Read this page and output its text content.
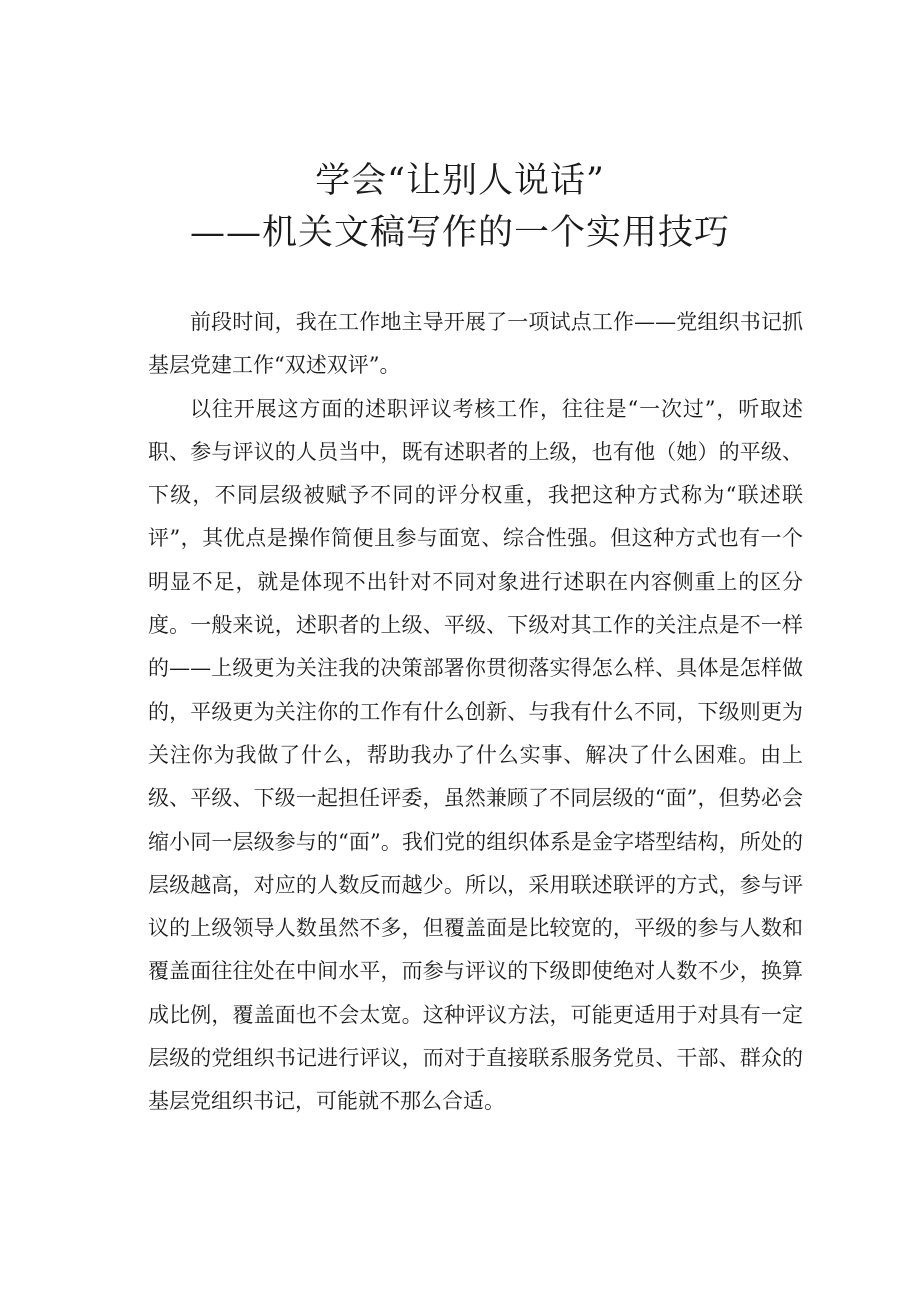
学会“让别人说话”
——机关文稿写作的一个实用技巧

前段时间，我在工作地主导开展了一项试点工作——党组织书记抓基层党建工作“双述双评”。

以往开展这方面的述职评议考核工作，往往是“一次过”，听取述职、参与评议的人员当中，既有述职者的上级，也有他（她）的平级、下级，不同层级被赋予不同的评分权重，我把这种方式称为“联述联评”，其优点是操作简便且参与面宽、综合性强。但这种方式也有一个明显不足，就是体现不出针对不同对象进行述职在内容侧重上的区分度。一般来说，述职者的上级、平级、下级对其工作的关注点是不一样的——上级更为关注我的决策部署你贯彻落实得怎么样、具体是怎样做的，平级更为关注你的工作有什么创新、与我有什么不同，下级则更为关注你为我做了什么，帮助我办了什么实事、解决了什么困难。由上级、平级、下级一起担任评委，虽然兼顾了不同层级的“面”，但势必会缩小同一层级参与的“面”。我们党的组织体系是金字塔型结构，所处的层级越高，对应的人数反而越少。所以，采用联述联评的方式，参与评议的上级领导人数虽然不多，但覆盖面是比较宽的，平级的参与人数和覆盖面往往处在中间水平，而参与评议的下级即使绝对人数不少，换算成比例，覆盖面也不会太宽。这种评议方法，可能更适用于对具有一定层级的党组织书记进行评议，而对于直接联系服务党员、干部、群众的基层党组织书记，可能就不那么合适。
